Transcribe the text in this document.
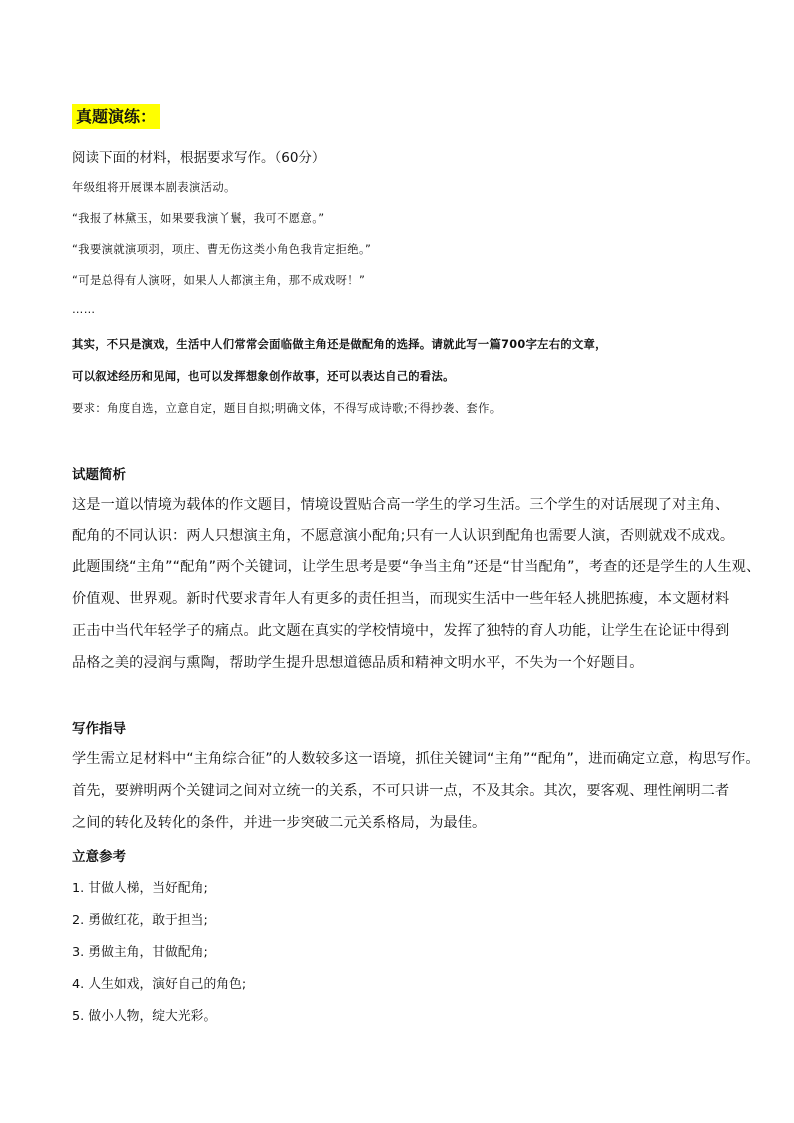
真题演练：
阅读下面的材料，根据要求写作。（60分）
年级组将开展课本剧表演活动。
“我报了林黛玉，如果要我演丫鬟，我可不愿意。”
“我要演就演项羽，项庄、曹无伤这类小角色我肯定拒绝。”
“可是总得有人演呀，如果人人都演主角，那不成戏呀！”
……
其实，不只是演戏，生活中人们常常会面临做主角还是做配角的选择。请就此写一篇700字左右的文章，
可以叙述经历和见闻，也可以发挥想象创作故事，还可以表达自己的看法。
要求：角度自选，立意自定，题目自拟;明确文体，不得写成诗歌;不得抄袭、套作。
试题简析
这是一道以情境为载体的作文题目，情境设置贴合高一学生的学习生活。三个学生的对话展现了对主角、
配角的不同认识：两人只想演主角，不愿意演小配角;只有一人认识到配角也需要人演，否则就戏不成戏。
此题围绕“主角”“配角”两个关键词，让学生思考是要“争当主角”还是“甘当配角”，考查的还是学生的人生观、
价值观、世界观。新时代要求青年人有更多的责任担当，而现实生活中一些年轻人挑肥拣瘦，本文题材料
正击中当代年轻学子的痛点。此文题在真实的学校情境中，发挥了独特的育人功能，让学生在论证中得到
品格之美的浸润与熏陶，帮助学生提升思想道德品质和精神文明水平，不失为一个好题目。
写作指导
学生需立足材料中“主角综合征”的人数较多这一语境，抓住关键词“主角”“配角”，进而确定立意，构思写作。
首先，要辨明两个关键词之间对立统一的关系，不可只讲一点，不及其余。其次，要客观、理性阐明二者
之间的转化及转化的条件，并进一步突破二元关系格局，为最佳。
立意参考
1. 甘做人梯，当好配角;
2. 勇做红花，敢于担当;
3. 勇做主角，甘做配角;
4. 人生如戏，演好自己的角色;
5. 做小人物，绽大光彩。
